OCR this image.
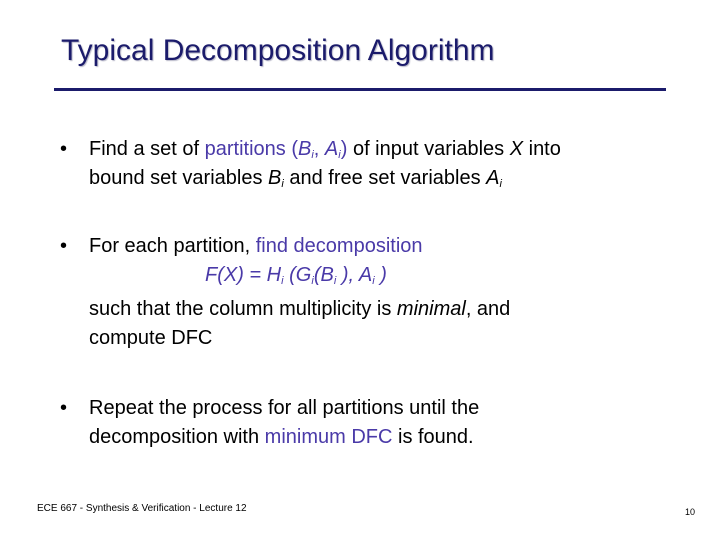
Typical Decomposition Algorithm
• Find a set of partitions ($B_i$, $A_i$) of input variables X into
bound set variables $B_i$ and free set variables $A_i$
• For each partition, find decomposition
$F(X) = H_i$ ($G_i(B_i$ ), $A_i$ )
such that the column multiplicity is minimal, and
compute DFC
• Repeat the process for all partitions until the
decomposition with minimum DFC is found.
ECE 667 - Synthesis & Verification - Lecture 12	10
